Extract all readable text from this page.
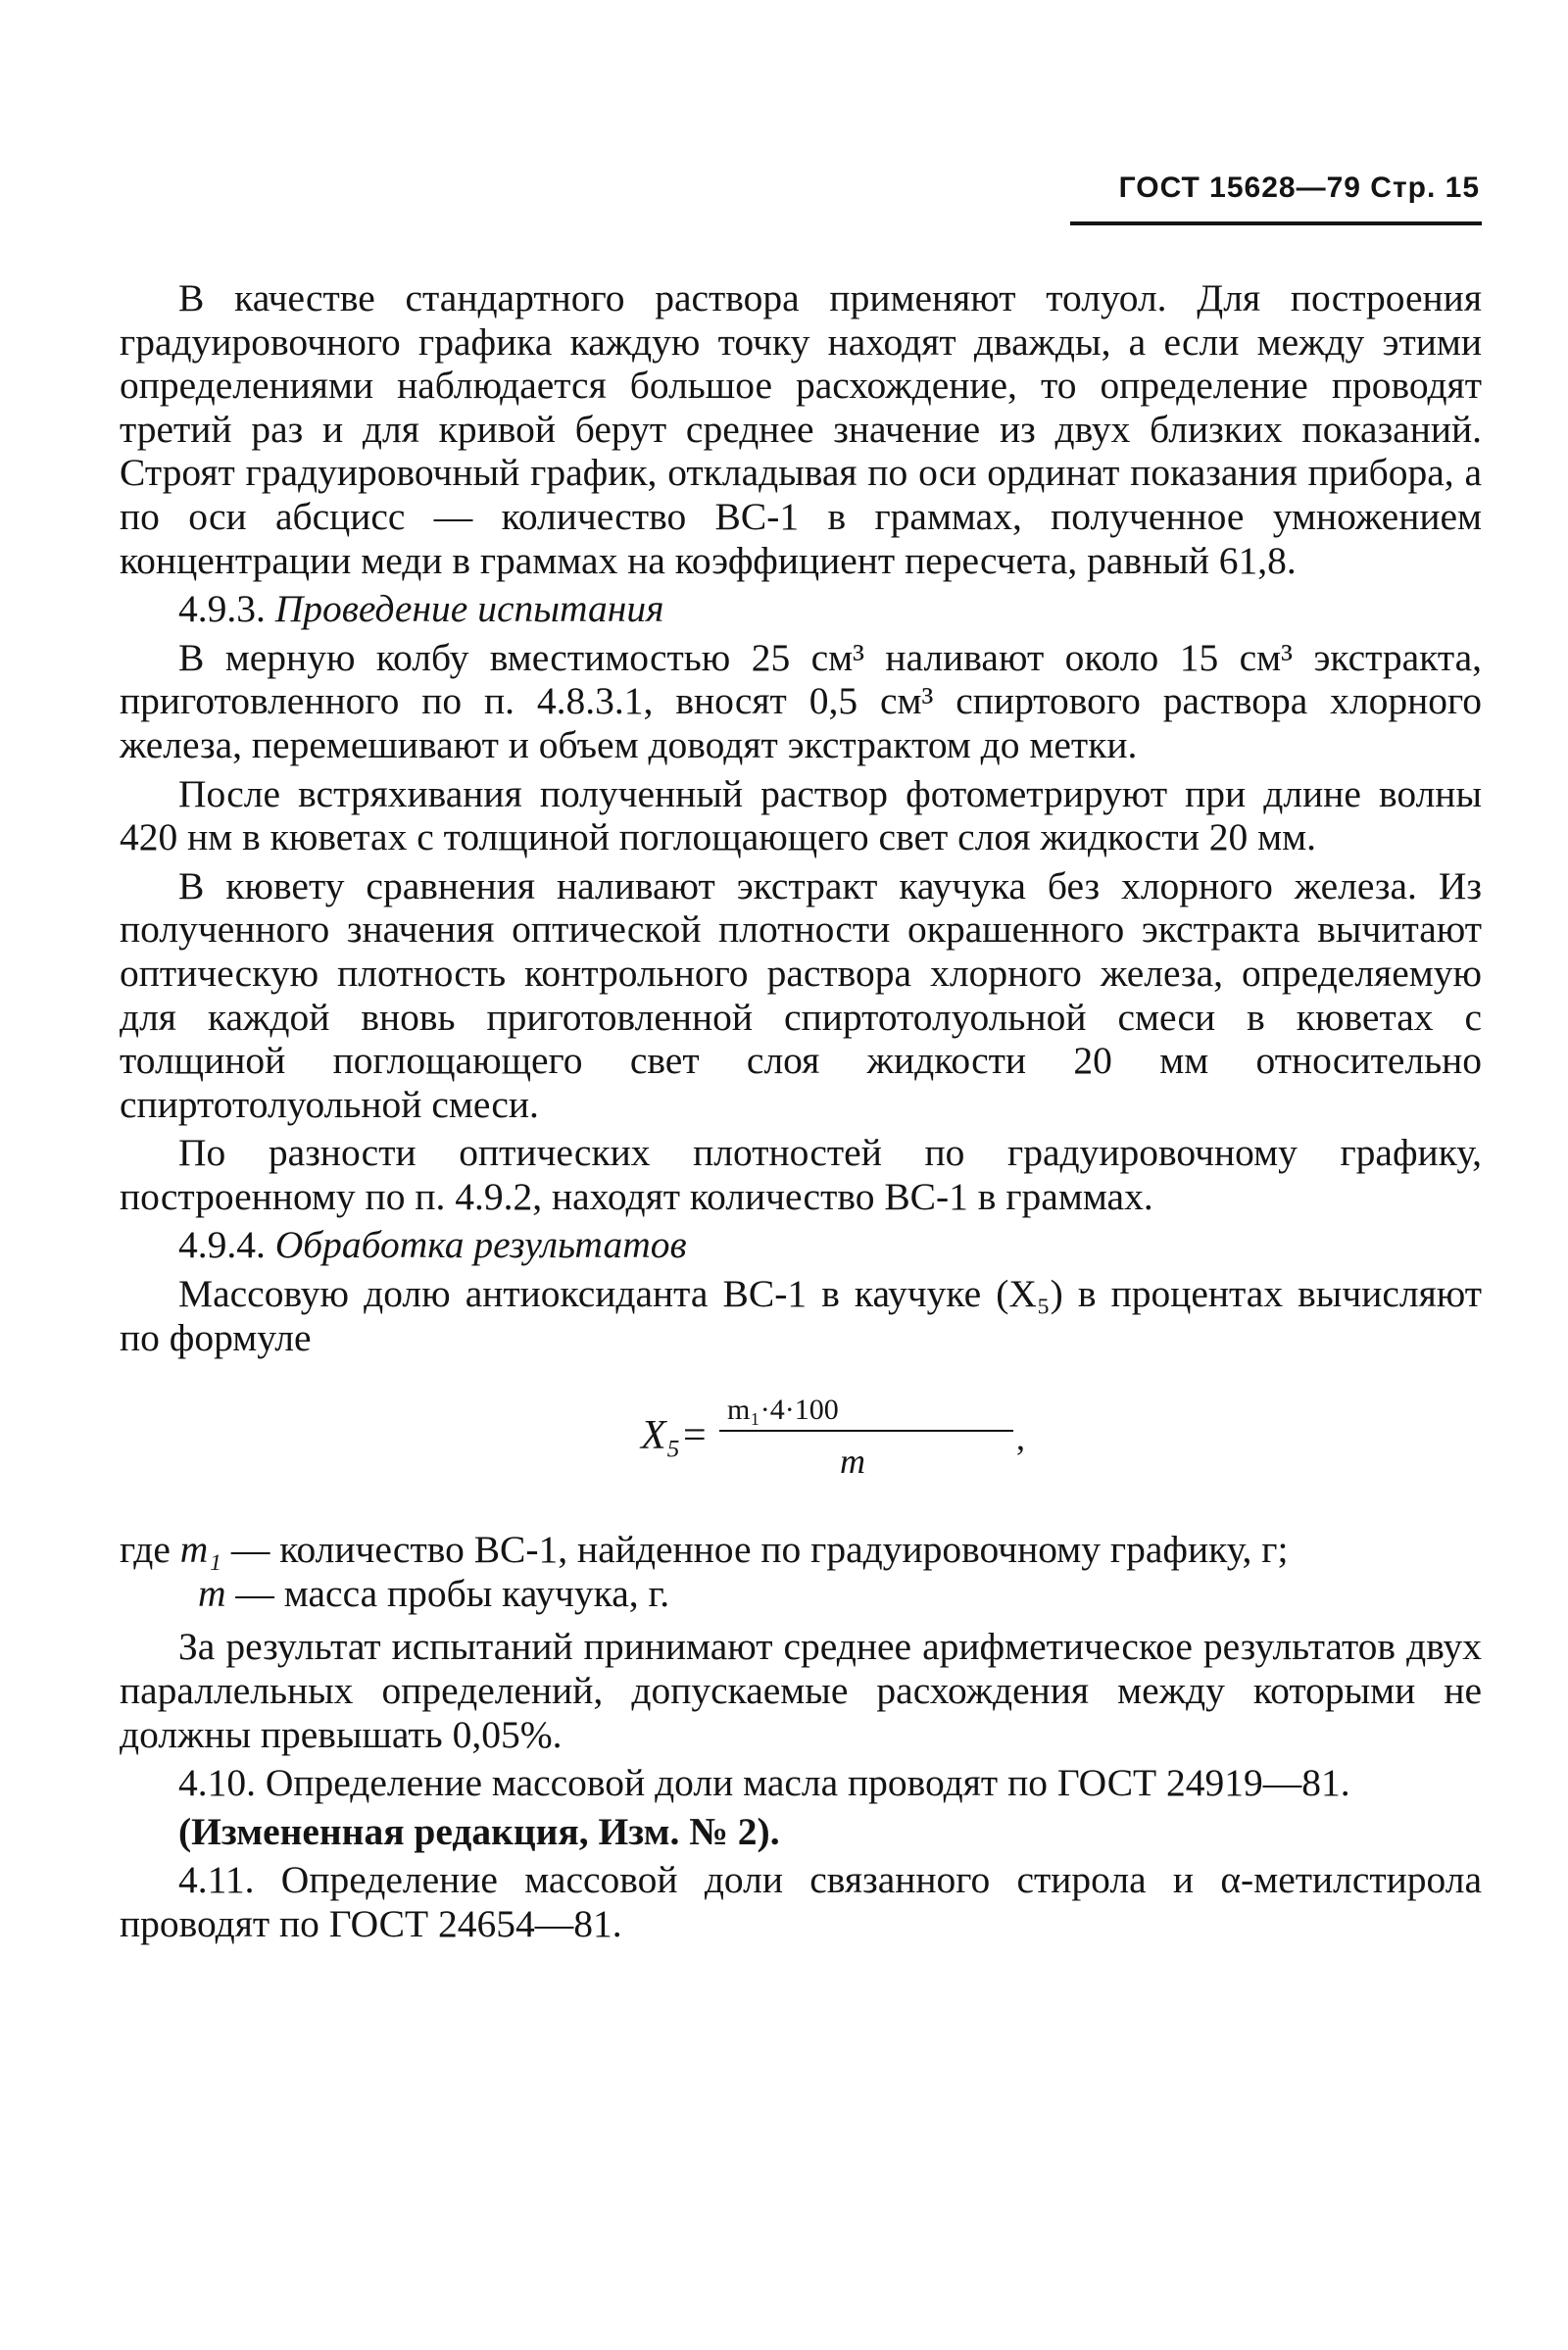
ГОСТ 15628—79 Стр. 15

В качестве стандартного раствора применяют толуол. Для построения градуировочного графика каждую точку находят дважды, а если между этими определениями наблюдается большое расхождение, то определение проводят третий раз и для кривой берут среднее значение из двух близких показаний. Строят градуировочный график, откладывая по оси ординат показания прибора, а по оси абсцисс — количество ВС-1 в граммах, полученное умножением концентрации меди в граммах на коэффициент пересчета, равный 61,8.

4.9.3. Проведение испытания

В мерную колбу вместимостью 25 см³ наливают около 15 см³ экстракта, приготовленного по п. 4.8.3.1, вносят 0,5 см³ спиртового раствора хлорного железа, перемешивают и объем доводят экстрактом до метки.

После встряхивания полученный раствор фотометрируют при длине волны 420 нм в кюветах с толщиной поглощающего свет слоя жидкости 20 мм.

В кювету сравнения наливают экстракт каучука без хлорного железа. Из полученного значения оптической плотности окрашенного экстракта вычитают оптическую плотность контрольного раствора хлорного железа, определяемую для каждой вновь приготовленной спиртотолуольной смеси в кюветах с толщиной поглощающего свет слоя жидкости 20 мм относительно спиртотолуольной смеси.

По разности оптических плотностей по градуировочному графику, построенному по п. 4.9.2, находят количество ВС-1 в граммах.

4.9.4. Обработка результатов

Массовую долю антиоксиданта ВС-1 в каучуке (X₅) в процентах вычисляют по формуле

X₅=
m₁·4·100
m
,
где m₁ — количество ВС-1, найденное по градуировочному графику, г;
m — масса пробы каучука, г.

За результат испытаний принимают среднее арифметическое результатов двух параллельных определений, допускаемые расхождения между которыми не должны превышать 0,05%.

4.10. Определение массовой доли масла проводят по ГОСТ 24919—81.

(Измененная редакция, Изм. № 2).

4.11. Определение массовой доли связанного стирола и α-метилстирола проводят по ГОСТ 24654—81.
